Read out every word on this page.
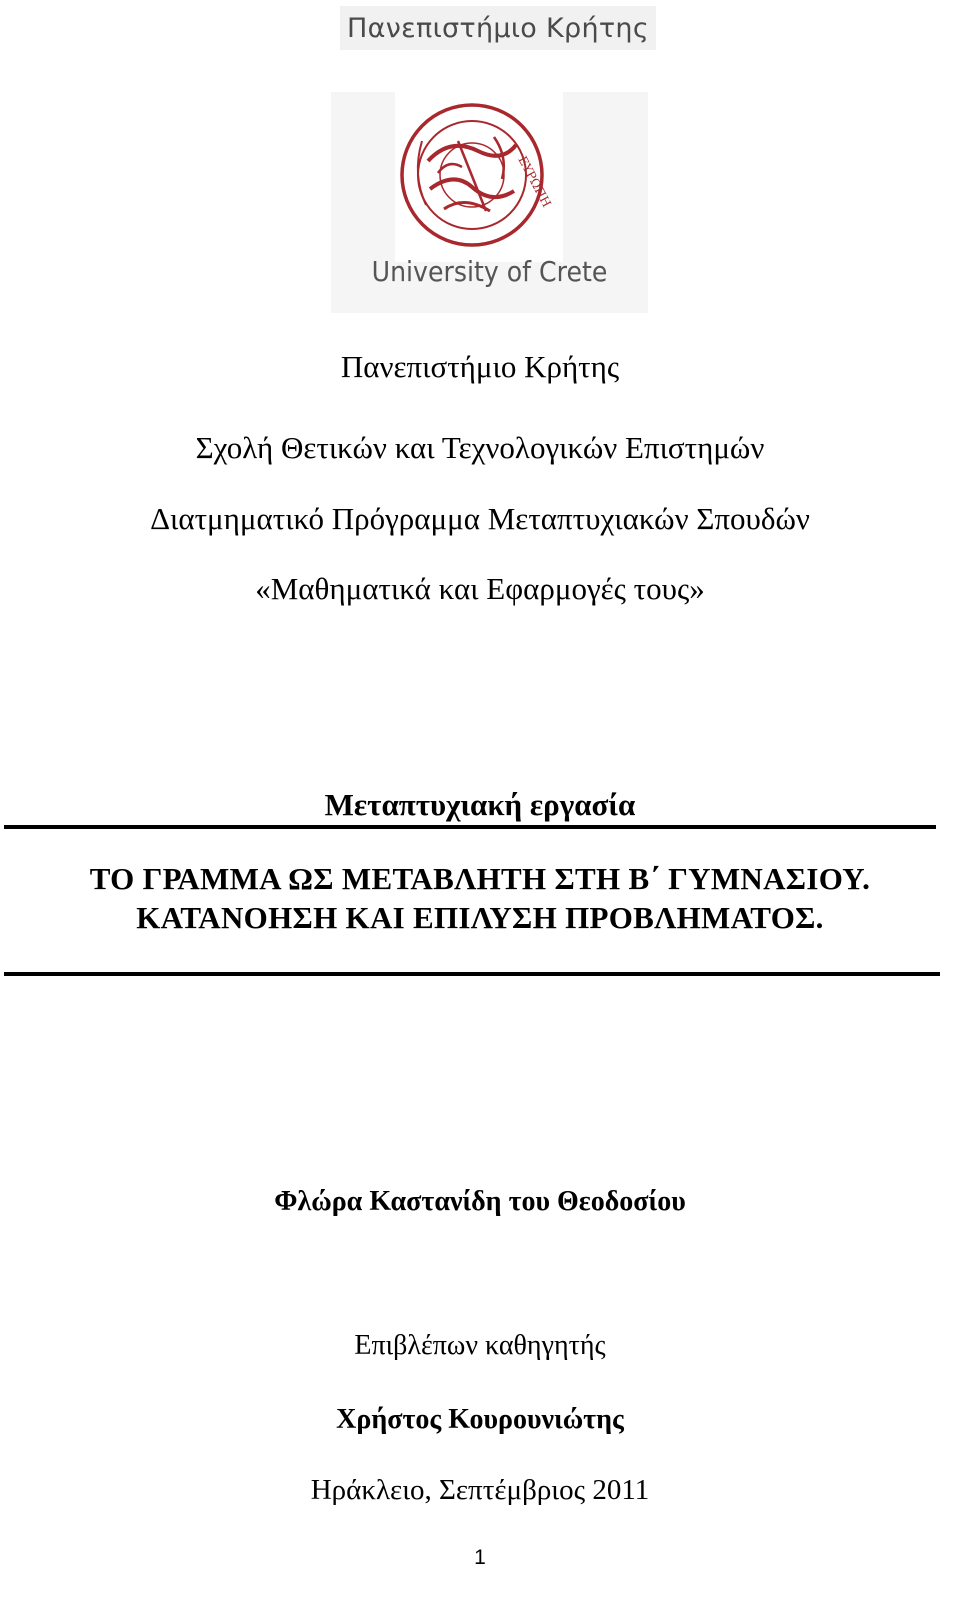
Πανεπιστήμιο Κρήτης
ΕΥΡΩΠΗ
University of Crete
Πανεπιστήμιο Κρήτης
Σχολή Θετικών και Τεχνολογικών Επιστημών
Διατμηματικό Πρόγραμμα Μεταπτυχιακών Σπουδών
«Μαθηματικά και Εφαρμογές τους»
Μεταπτυχιακή εργασία
ΤΟ ΓΡΑΜΜΑ ΩΣ ΜΕΤΑΒΛΗΤΗ ΣΤΗ Β΄ ΓΥΜΝΑΣΙΟΥ.
ΚΑΤΑΝΟΗΣΗ ΚΑΙ ΕΠΙΛΥΣΗ ΠΡΟΒΛΗΜΑΤΟΣ.
Φλώρα Καστανίδη του Θεοδοσίου
Επιβλέπων καθηγητής
Χρήστος Κουρουνιώτης
Ηράκλειο, Σεπτέμβριος 2011
1
